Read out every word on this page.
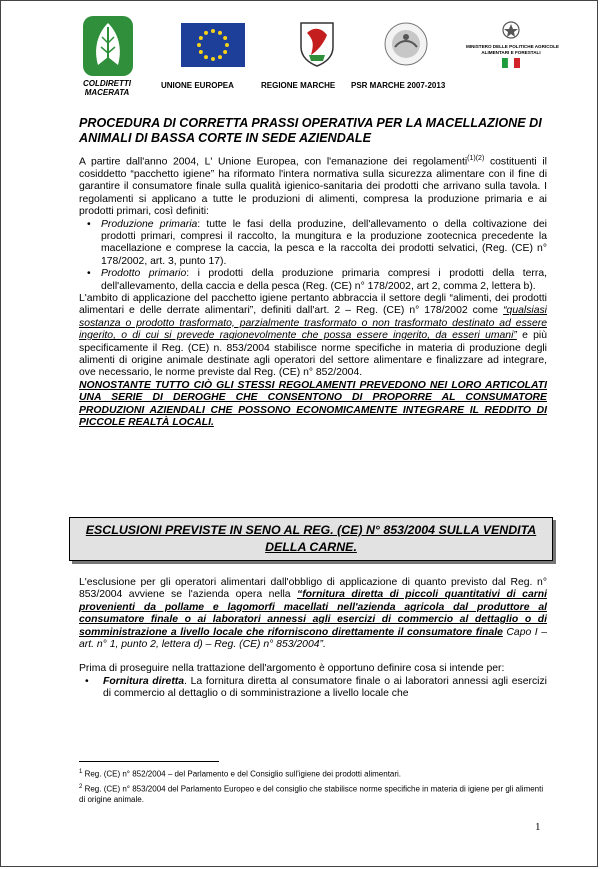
COLDIRETTI
MACERATA
UNIONE EUROPEA	REGIONE MARCHE PSR MARCHE 2007-2013
MINISTERO DELLE POLITICHE AGRICOLE
ALIMENTARI E FORESTALI
PROCEDURA DI CORRETTA PRASSI OPERATIVA PER LA MACELLAZIONE DI ANIMALI DI BASSA CORTE IN SEDE AZIENDALE

A partire dall'anno 2004, L' Unione Europea, con l'emanazione dei regolamenti$^{(1)(2)}$ costituenti il cosiddetto “pacchetto igiene” ha riformato l'intera normativa sulla sicurezza alimentare con il fine di garantire il consumatore finale sulla qualità igienico-sanitaria dei prodotti che arrivano sulla tavola. I regolamenti si applicano a tutte le produzioni di alimenti, compresa la produzione primaria e ai prodotti primari, così definiti:

• Produzione primaria: tutte le fasi della produzine, dell'allevamento o della coltivazione dei prodotti primari, compresi il raccolto, la mungitura e la produzione zootecnica precedente la macellazione e comprese la caccia, la pesca e la raccolta dei prodotti selvatici, (Reg. (CE) n° 178/2002, art. 3, punto 17).
• Prodotto primario: i prodotti della produzione primaria compresi i prodotti della terra, dell'allevamento, della caccia e della pesca (Reg. (CE) n° 178/2002, art 2, comma 2, lettera b).

L'ambito di applicazione del pacchetto igiene pertanto abbraccia il settore degli “alimenti, dei prodotti alimentari e delle derrate alimentari”, definiti dall'art. 2 – Reg. (CE) n° 178/2002 come “qualsiasi sostanza o prodotto trasformato, parzialmente trasformato o non trasformato destinato ad essere ingerito, o di cui si prevede ragionevolmente che possa essere ingerito, da esseri umani” e più specificamente il Reg. (CE) n. 853/2004 stabilisce norme specifiche in materia di produzione degli alimenti di origine animale destinate agli operatori del settore alimentare e finalizzare ad integrare, ove necessario, le norme previste dal Reg. (CE) n° 852/2004.

NONOSTANTE TUTTO CIÒ GLI STESSI REGOLAMENTI PREVEDONO NEI LORO ARTICOLATI UNA SERIE DI DEROGHE CHE CONSENTONO DI PROPORRE AL CONSUMATORE PRODUZIONI AZIENDALI CHE POSSONO ECONOMICAMENTE INTEGRARE IL REDDITO DI PICCOLE REALTÀ LOCALI.

ESCLUSIONI PREVISTE IN SENO AL REG. (CE) N° 853/2004 SULLA VENDITA DELLA CARNE.

L'esclusione per gli operatori alimentari dall'obbligo di applicazione di quanto previsto dal Reg. n° 853/2004 avviene se l'azienda opera nella “fornitura diretta di piccoli quantitativi di carni provenienti da pollame e lagomorfi macellati nell'azienda agricola dal produttore al consumatore finale o ai laboratori annessi agli esercizi di commercio al dettaglio o di somministrazione a livello locale che riforniscono direttamente il consumatore finale Capo I – art. n° 1, punto 2, lettera d) – Reg. (CE) n° 853/2004”.

Prima di proseguire nella trattazione dell'argomento è opportuno definire cosa si intende per:

• Fornitura diretta. La fornitura diretta al consumatore finale o ai laboratori annessi agli esercizi di commercio al dettaglio o di somministrazione a livello locale che

$^1$ Reg. (CE) n° 852/2004 – del Parlamento e del Consiglio sull'igiene dei prodotti alimentari.

$^2$ Reg. (CE) n° 853/2004 del Parlamento Europeo e del consiglio che stabilisce norme specifiche in materia di igiene per gli alimenti di origine animale.

1
